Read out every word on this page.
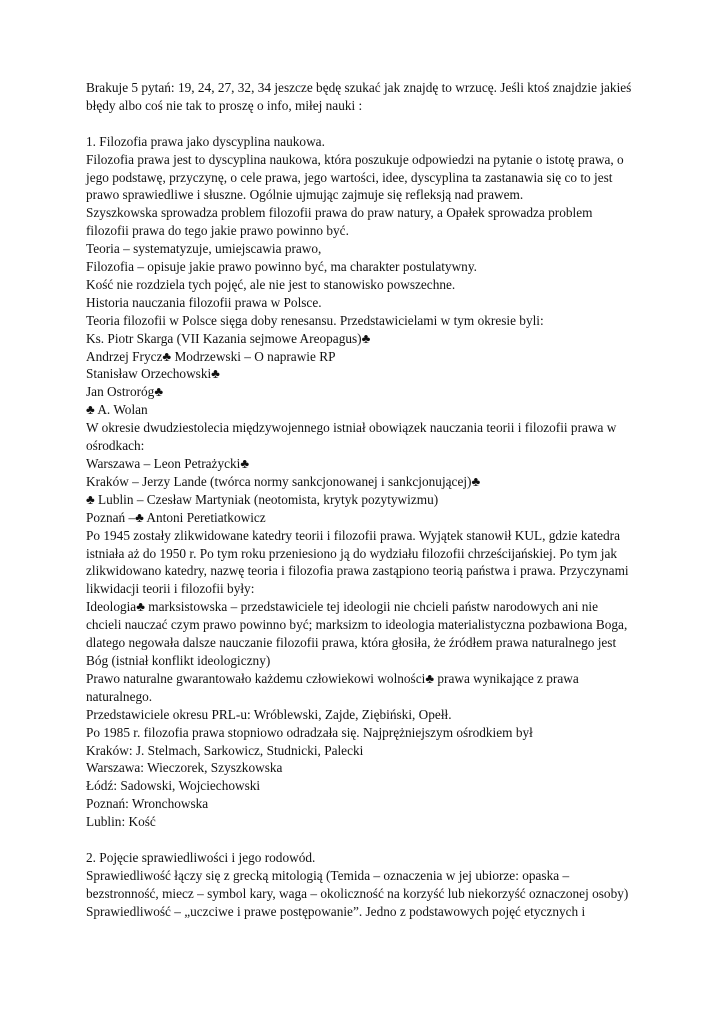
Brakuje 5 pytań: 19, 24, 27, 32, 34 jeszcze będę szukać jak znajdę to wrzucę. Jeśli ktoś znajdzie jakieś
błędy albo coś nie tak to proszę o info, miłej nauki :
1. Filozofia prawa jako dyscyplina naukowa.
Filozofia prawa jest to dyscyplina naukowa, która poszukuje odpowiedzi na pytanie o istotę prawa, o
jego podstawę, przyczynę, o cele prawa, jego wartości, idee, dyscyplina ta zastanawia się co to jest
prawo sprawiedliwe i słuszne. Ogólnie ujmując zajmuje się refleksją nad prawem.
Szyszkowska sprowadza problem filozofii prawa do praw natury, a Opałek sprowadza problem
filozofii prawa do tego jakie prawo powinno być.
Teoria – systematyzuje, umiejscawia prawo,
Filozofia – opisuje jakie prawo powinno być, ma charakter postulatywny.
Kość nie rozdziela tych pojęć, ale nie jest to stanowisko powszechne.
Historia nauczania filozofii prawa w Polsce.
Teoria filozofii w Polsce sięga doby renesansu. Przedstawicielami w tym okresie byli:
Ks. Piotr Skarga (VII Kazania sejmowe Areopagus)♣
Andrzej Frycz♣ Modrzewski – O naprawie RP
Stanisław Orzechowski♣
Jan Ostroróg♣
♣ A. Wolan
W okresie dwudziestolecia międzywojennego istniał obowiązek nauczania teorii i filozofii prawa w
ośrodkach:
Warszawa – Leon Petrażycki♣
Kraków – Jerzy Lande (twórca normy sankcjonowanej i sankcjonującej)♣
♣ Lublin – Czesław Martyniak (neotomista, krytyk pozytywizmu)
Poznań –♣ Antoni Peretiatkowicz
Po 1945 zostały zlikwidowane katedry teorii i filozofii prawa. Wyjątek stanowił KUL, gdzie katedra
istniała aż do 1950 r. Po tym roku przeniesiono ją do wydziału filozofii chrześcijańskiej. Po tym jak
zlikwidowano katedry, nazwę teoria i filozofia prawa zastąpiono teorią państwa i prawa. Przyczynami
likwidacji teorii i filozofii były:
Ideologia♣ marksistowska – przedstawiciele tej ideologii nie chcieli państw narodowych ani nie
chcieli nauczać czym prawo powinno być; marksizm to ideologia materialistyczna pozbawiona Boga,
dlatego negowała dalsze nauczanie filozofii prawa, która głosiła, że źródłem prawa naturalnego jest
Bóg (istniał konflikt ideologiczny)
Prawo naturalne gwarantowało każdemu człowiekowi wolności♣ prawa wynikające z prawa
naturalnego.
Przedstawiciele okresu PRL-u: Wróblewski, Zajde, Ziębiński, Opełł.
Po 1985 r. filozofia prawa stopniowo odradzała się. Najprężniejszym ośrodkiem był
Kraków: J. Stelmach, Sarkowicz, Studnicki, Palecki
Warszawa: Wieczorek, Szyszkowska
Łódź: Sadowski, Wojciechowski
Poznań: Wronchowska
Lublin: Kość
2. Pojęcie sprawiedliwości i jego rodowód.
Sprawiedliwość łączy się z grecką mitologią (Temida – oznaczenia w jej ubiorze: opaska –
bezstronność, miecz – symbol kary, waga – okoliczność na korzyść lub niekorzyść oznaczonej osoby)
Sprawiedliwość – „uczciwe i prawe postępowanie”. Jedno z podstawowych pojęć etycznych i
